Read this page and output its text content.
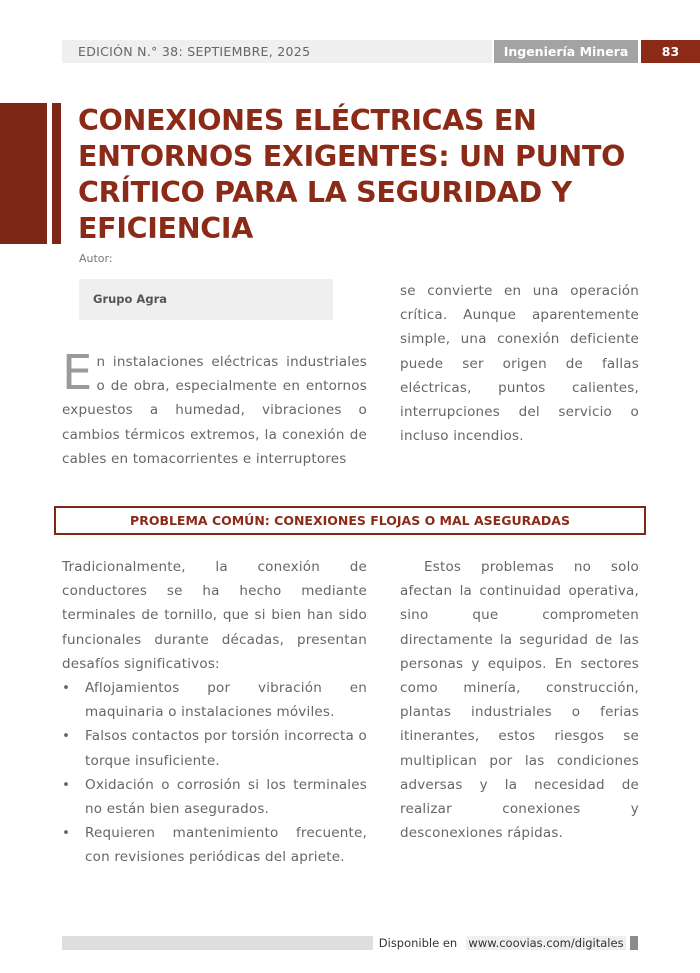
EDICIÓN N.° 38: SEPTIEMBRE, 2025	Ingeniería Minera	83
CONEXIONES ELÉCTRICAS EN ENTORNOS EXIGENTES: UN PUNTO CRÍTICO PARA LA SEGURIDAD Y EFICIENCIA
Autor:
Grupo Agra
En instalaciones eléctricas industriales o de obra, especialmente en entornos expuestos a humedad, vibraciones o cambios térmicos extremos, la conexión de cables en tomacorrientes e interruptores
se convierte en una operación crítica. Aunque aparentemente simple, una conexión deficiente puede ser origen de fallas eléctricas, puntos calientes, interrupciones del servicio o incluso incendios.
PROBLEMA COMÚN: CONEXIONES FLOJAS O MAL ASEGURADAS
Tradicionalmente, la conexión de conductores se ha hecho mediante terminales de tornillo, que si bien han sido funcionales durante décadas, presentan desafíos significativos:
• Aflojamientos por vibración en maquinaria o instalaciones móviles.
• Falsos contactos por torsión incorrecta o torque insuficiente.
• Oxidación o corrosión si los terminales no están bien asegurados.
• Requieren mantenimiento frecuente, con revisiones periódicas del apriete.
Estos problemas no solo afectan la continuidad operativa, sino que comprometen directamente la seguridad de las personas y equipos. En sectores como minería, construcción, plantas industriales o ferias itinerantes, estos riesgos se multiplican por las condiciones adversas y la necesidad de realizar conexiones y desconexiones rápidas.
Disponible en www.coovias.com/digitales
